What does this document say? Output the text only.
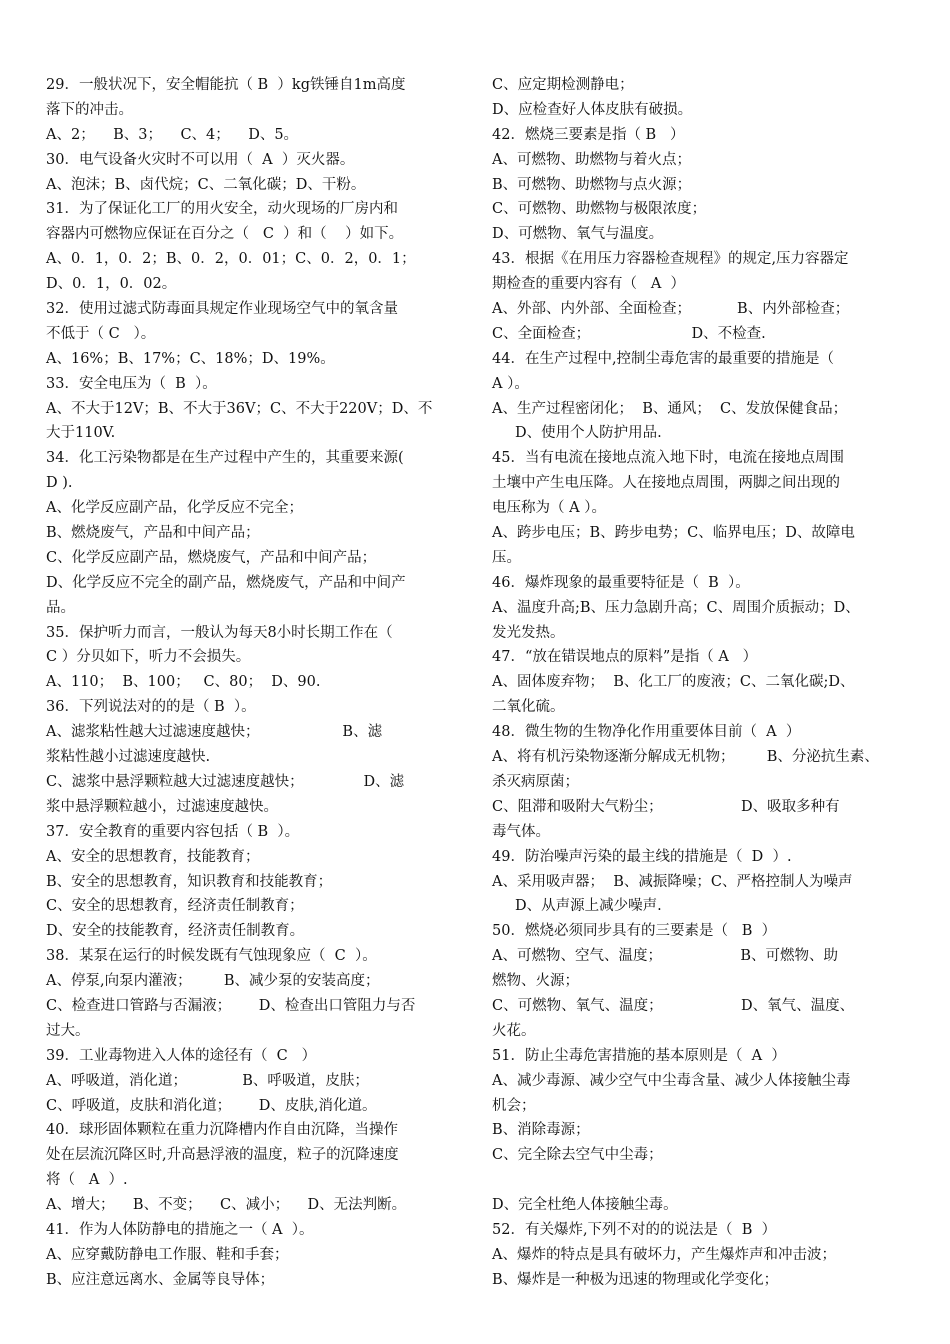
29．一般状况下，安全帽能抗（ B  ）kg铁锤自1m高度
落下的冲击。
A、2；    B、3；    C、4；    D、5。
30．电气设备火灾时不可以用（  A  ）灭火器。
A、泡沫；B、卤代烷；C、二氧化碳；D、干粉。
31．为了保证化工厂的用火安全，动火现场的厂房内和
容器内可燃物应保证在百分之（   C  ）和（    ）如下。
A、0．1，0．2；B、0．2，0．01；C、0．2，0．1；
D、0．1，0．02。
32．使用过滤式防毒面具规定作业现场空气中的氧含量
不低于（ C   ）。
A、16%；B、17%；C、18%；D、19%。
33．安全电压为（  B  ）。
A、不大于12V；B、不大于36V；C、不大于220V；D、不
大于110V.
34．化工污染物都是在生产过程中产生的，其重要来源(
D ).
A、化学反应副产品，化学反应不完全；
B、燃烧废气，产品和中间产品；
C、化学反应副产品，燃烧废气，产品和中间产品；
D、化学反应不完全的副产品，燃烧废气，产品和中间产
品。
35．保护听力而言，一般认为每天8小时长期工作在（
C ）分贝如下，听力不会损失。
A、110；  B、100；   C、80；  D、90.
36．下列说法对的的是（ B  ）。
A、滤浆粘性越大过滤速度越快；                  B、滤
浆粘性越小过滤速度越快.
C、滤浆中悬浮颗粒越大过滤速度越快；             D、滤
浆中悬浮颗粒越小，过滤速度越快。
37．安全教育的重要内容包括（ B  ）。
A、安全的思想教育，技能教育；
B、安全的思想教育，知识教育和技能教育；
C、安全的思想教育，经济责任制教育；
D、安全的技能教育，经济责任制教育。
38．某泵在运行的时候发既有气蚀现象应（  C  ）。
A、停泵,向泵内灌液；       B、减少泵的安装高度；
C、检查进口管路与否漏液；      D、检查出口管阻力与否
过大。
39．工业毒物进入人体的途径有（  C   ）
A、呼吸道，消化道；            B、呼吸道，皮肤；
C、呼吸道，皮肤和消化道；      D、皮肤,消化道。
40．球形固体颗粒在重力沉降槽内作自由沉降，当操作
处在层流沉降区时,升高悬浮液的温度，粒子的沉降速度
将（   A  ）.
A、增大；    B、不变；    C、减小；    D、无法判断。
41．作为人体防静电的措施之一（ A  ）。
A、应穿戴防静电工作服、鞋和手套；
B、应注意远离水、金属等良导体；
C、应定期检测静电；
D、应检查好人体皮肤有破损。
42．燃烧三要素是指（ B   ）
A、可燃物、助燃物与着火点；
B、可燃物、助燃物与点火源；
C、可燃物、助燃物与极限浓度；
D、可燃物、氧气与温度。
43．根据《在用压力容器检查规程》的规定,压力容器定
期检查的重要内容有（   A  ）
A、外部、内外部、全面检查；          B、内外部检查；
C、全面检查；                      D、不检查.
44．在生产过程中,控制尘毒危害的最重要的措施是（
A ）。
A、生产过程密闭化；  B、通风；  C、发放保健食品；
D、使用个人防护用品.
45．当有电流在接地点流入地下时，电流在接地点周围
土壤中产生电压降。人在接地点周围，两脚之间出现的
电压称为（ A ）。
A、跨步电压；B、跨步电势；C、临界电压；D、故障电
压。
46．爆炸现象的最重要特征是（  B  ）。
A、温度升高;B、压力急剧升高；C、周围介质振动；D、
发光发热。
47．“放在错误地点的原料”是指（ A   ）
A、固体废弃物；  B、化工厂的废液；C、二氧化碳;D、
二氧化硫。
48．微生物的生物净化作用重要体目前（  A  ）
A、将有机污染物逐渐分解成无机物；       B、分泌抗生素、
杀灭病原菌；
C、阻滞和吸附大气粉尘；                 D、吸取多种有
毒气体。
49．防治噪声污染的最主线的措施是（  D  ）.
A、采用吸声器；  B、减振降噪；C、严格控制人为噪声
D、从声源上减少噪声.
50．燃烧必须同步具有的三要素是（   B  ）
A、可燃物、空气、温度；                 B、可燃物、助
燃物、火源；
C、可燃物、氧气、温度；                 D、氧气、温度、
火花。
51．防止尘毒危害措施的基本原则是（  A  ）
A、减少毒源、减少空气中尘毒含量、减少人体接触尘毒
机会；
B、消除毒源；
C、完全除去空气中尘毒；
D、完全杜绝人体接触尘毒。
52．有关爆炸,下列不对的的说法是（  B  ）
A、爆炸的特点是具有破坏力，产生爆炸声和冲击波；
B、爆炸是一种极为迅速的物理或化学变化；
